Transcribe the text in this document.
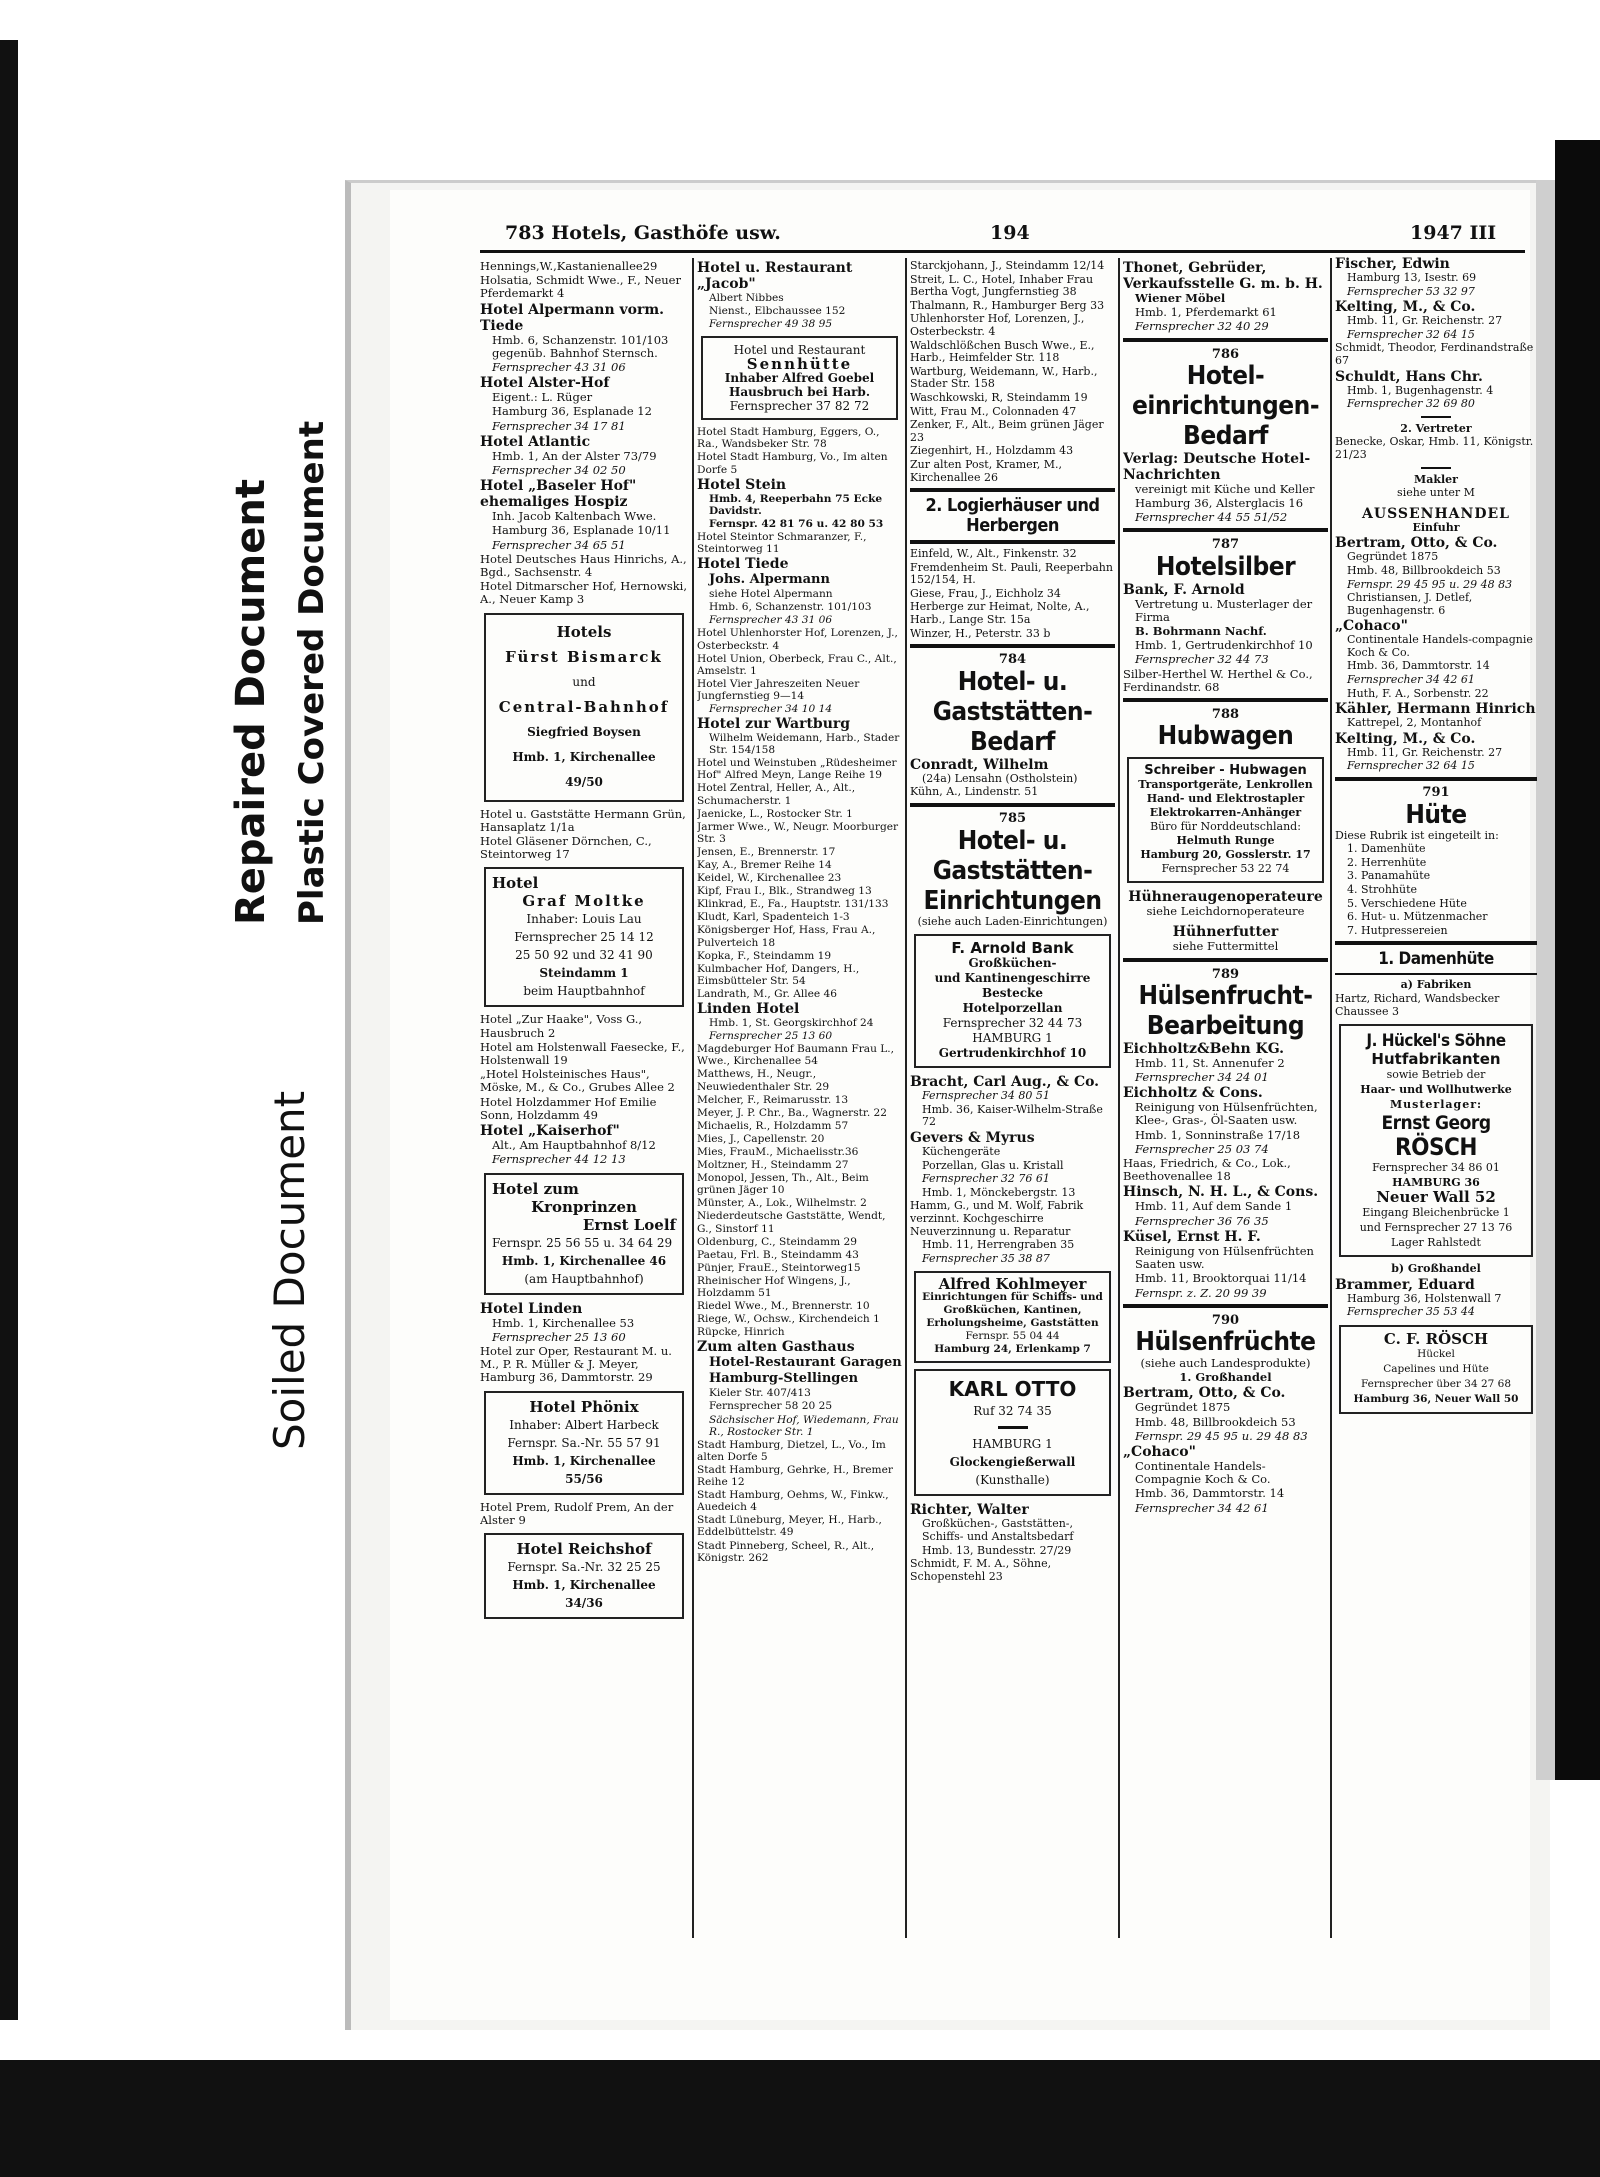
Repaired Document Plastic Covered Document
Soiled Document
783 Hotels, Gasthöfe usw.	194	1947 III
Hennings,W.,Kastanienallee29
Holsatia, Schmidt Wwe., F., Neuer Pferdemarkt 4
Hotel Alpermann vorm. Tiede
Hmb. 6, Schanzenstr. 101/103 gegenüb. Bahnhof Sternsch.
Fernsprecher 43 31 06
Hotel Alster-Hof
Eigent.: L. Rüger
Hamburg 36, Esplanade 12
Fernsprecher 34 17 81
Hotel Atlantic
Hmb. 1, An der Alster 73/79
Fernsprecher 34 02 50
Hotel „Baseler Hof" ehemaliges Hospiz
Inh. Jacob Kaltenbach Wwe.
Hamburg 36, Esplanade 10/11
Fernsprecher 34 65 51
Hotel Deutsches Haus Hinrichs, A., Bgd., Sachsenstr. 4
Hotel Ditmarscher Hof, Hernowski, A., Neuer Kamp 3
Hotels
Fürst Bismarck
und
Central-Bahnhof
Siegfried Boysen
Hmb. 1, Kirchenallee 49/50
Hotel u. Gaststätte Hermann Grün, Hansaplatz 1/1a
Hotel Gläsener Dörnchen, C., Steintorweg 17
Hotel
Graf Moltke
Inhaber: Louis Lau
Fernsprecher 25 14 12
25 50 92 und 32 41 90
Steindamm 1
beim Hauptbahnhof
Hotel „Zur Haake", Voss G., Hausbruch 2
Hotel am Holstenwall Faesecke, F., Holstenwall 19
„Hotel Holsteinisches Haus", Möske, M., & Co., Grubes Allee 2
Hotel Holzdammer Hof Emilie Sonn, Holzdamm 49
Hotel „Kaiserhof"
Alt., Am Hauptbahnhof 8/12
Fernsprecher 44 12 13
Hotel zum
Kronprinzen
Ernst Loelf
Fernspr. 25 56 55 u. 34 64 29
Hmb. 1, Kirchenallee 46
(am Hauptbahnhof)
Hotel Linden
Hmb. 1, Kirchenallee 53
Fernsprecher 25 13 60
Hotel zur Oper, Restaurant M. u. M., P. R. Müller & J. Meyer, Hamburg 36, Dammtorstr. 29
Hotel Phönix
Inhaber: Albert Harbeck
Fernspr. Sa.-Nr. 55 57 91
Hmb. 1, Kirchenallee 55/56
Hotel Prem, Rudolf Prem, An der Alster 9
Hotel Reichshof
Fernspr. Sa.-Nr. 32 25 25
Hmb. 1, Kirchenallee 34/36
Hotel u. Restaurant „Jacob"
Albert Nibbes
Nienst., Elbchaussee 152
Fernsprecher 49 38 95
Hotel und Restaurant
Sennhütte
Inhaber Alfred Goebel
Hausbruch bei Harb.
Fernsprecher 37 82 72
Hotel Stadt Hamburg, Eggers, O., Ra., Wandsbeker Str. 78
Hotel Stadt Hamburg, Vo., Im alten Dorfe 5
Hotel Stein
Hmb. 4, Reeperbahn 75 Ecke Davidstr.
Fernspr. 42 81 76 u. 42 80 53
Hotel Steintor Schmaranzer, F., Steintorweg 11
Hotel Tiede
Johs. Alpermann
siehe Hotel Alpermann
Hmb. 6, Schanzenstr. 101/103
Fernsprecher 43 31 06
Hotel Uhlenhorster Hof, Lorenzen, J., Osterbeckstr. 4
Hotel Union, Oberbeck, Frau C., Alt., Amselstr. 1
Hotel Vier Jahreszeiten Neuer Jungfernstieg 9—14
Fernsprecher 34 10 14
Hotel zur Wartburg
Wilhelm Weidemann, Harb., Stader Str. 154/158
Hotel und Weinstuben „Rüdesheimer Hof" Alfred Meyn, Lange Reihe 19
Hotel Zentral, Heller, A., Alt., Schumacherstr. 1
Jaenicke, L., Rostocker Str. 1
Jarmer Wwe., W., Neugr. Moorburger Str. 3
Jensen, E., Brennerstr. 17
Kay, A., Bremer Reihe 14
Keidel, W., Kirchenallee 23
Kipf, Frau I., Blk., Strandweg 13
Klinkrad, E., Fa., Hauptstr. 131/133
Kludt, Karl, Spadenteich 1-3
Königsberger Hof, Hass, Frau A., Pulverteich 18
Kopka, F., Steindamm 19
Kulmbacher Hof, Dangers, H., Eimsbütteler Str. 54
Landrath, M., Gr. Allee 46
Linden Hotel
Hmb. 1, St. Georgskirchhof 24
Fernsprecher 25 13 60
Magdeburger Hof Baumann Frau L., Wwe., Kirchenallee 54
Matthews, H., Neugr., Neuwiedenthaler Str. 29
Melcher, F., Reimarusstr. 13
Meyer, J. P. Chr., Ba., Wagnerstr. 22
Michaelis, R., Holzdamm 57
Mies, J., Capellenstr. 20
Mies, FrauM., Michaelisstr.36
Moltzner, H., Steindamm 27
Monopol, Jessen, Th., Alt., Beim grünen Jäger 10
Münster, A., Lok., Wilhelmstr. 2
Niederdeutsche Gaststätte, Wendt, G., Sinstorf 11
Oldenburg, C., Steindamm 29
Paetau, Frl. B., Steindamm 43
Pünjer, FrauE., Steintorweg15
Rheinischer Hof Wingens, J., Holzdamm 51
Riedel Wwe., M., Brennerstr. 10
Riege, W., Ochsw., Kirchendeich 1
Rüpcke, Hinrich
Zum alten Gasthaus
Hotel-Restaurant Garagen Hamburg-Stellingen
Kieler Str. 407/413
Fernsprecher 58 20 25
Sächsischer Hof, Wiedemann, Frau R., Rostocker Str. 1
Stadt Hamburg, Dietzel, L., Vo., Im alten Dorfe 5
Stadt Hamburg, Gehrke, H., Bremer Reihe 12
Stadt Hamburg, Oehms, W., Finkw., Auedeich 4
Stadt Lüneburg, Meyer, H., Harb., Eddelbüttelstr. 49
Stadt Pinneberg, Scheel, R., Alt., Königstr. 262
Starckjohann, J., Steindamm 12/14
Streit, L. C., Hotel, Inhaber Frau Bertha Vogt, Jungfernstieg 38
Thalmann, R., Hamburger Berg 33
Uhlenhorster Hof, Lorenzen, J., Osterbeckstr. 4
Waldschlößchen Busch Wwe., E., Harb., Heimfelder Str. 118
Wartburg, Weidemann, W., Harb., Stader Str. 158
Waschkowski, R, Steindamm 19
Witt, Frau M., Colonnaden 47
Zenker, F., Alt., Beim grünen Jäger 23
Ziegenhirt, H., Holzdamm 43
Zur alten Post, Kramer, M., Kirchenallee 26
2. Logierhäuser und Herbergen
Einfeld, W., Alt., Finkenstr. 32
Fremdenheim St. Pauli, Reeperbahn 152/154, H.
Giese, Frau, J., Eichholz 34
Herberge zur Heimat, Nolte, A., Harb., Lange Str. 15a
Winzer, H., Peterstr. 33 b
784
Hotel- u. Gaststätten-Bedarf
Conradt, Wilhelm
(24a) Lensahn (Ostholstein)
Kühn, A., Lindenstr. 51
785
Hotel- u. Gaststätten-Einrichtungen
(siehe auch Laden-Einrichtungen)
F. Arnold Bank
Großküchen-
und Kantinengeschirre
Bestecke
Hotelporzellan
Fernsprecher 32 44 73
HAMBURG 1
Gertrudenkirchhof 10
Bracht, Carl Aug., & Co.
Fernsprecher 34 80 51
Hmb. 36, Kaiser-Wilhelm-Straße 72
Gevers & Myrus
Küchengeräte
Porzellan, Glas u. Kristall
Fernsprecher 32 76 61
Hmb. 1, Mönckebergstr. 13
Hamm, G., und M. Wolf, Fabrik verzinnt. Kochgeschirre Neuverzinnung u. Reparatur
Hmb. 11, Herrengraben 35
Fernsprecher 35 38 87
Alfred Kohlmeyer
Einrichtungen für Schiffs- und Großküchen, Kantinen, Erholungsheime, Gaststätten
Fernspr. 55 04 44
Hamburg 24, Erlenkamp 7
KARL OTTO
Ruf 32 74 35
HAMBURG 1
Glockengießerwall
(Kunsthalle)
Richter, Walter
Großküchen-, Gaststätten-, Schiffs- und Anstaltsbedarf
Hmb. 13, Bundesstr. 27/29
Schmidt, F. M. A., Söhne, Schopenstehl 23
Thonet, Gebrüder, Verkaufsstelle G. m. b. H.
Wiener Möbel
Hmb. 1, Pferdemarkt 61
Fernsprecher 32 40 29
786
Hotel-einrichtungen-Bedarf
Verlag: Deutsche Hotel-Nachrichten
vereinigt mit Küche und Keller
Hamburg 36, Alsterglacis 16
Fernsprecher 44 55 51/52
787
Hotelsilber
Bank, F. Arnold
Vertretung u. Musterlager der Firma
B. Bohrmann Nachf.
Hmb. 1, Gertrudenkirchhof 10
Fernsprecher 32 44 73
Silber-Herthel W. Herthel & Co., Ferdinandstr. 68
788
Hubwagen
Schreiber - Hubwagen
Transportgeräte, Lenkrollen Hand- und Elektrostapler Elektrokarren-Anhänger
Büro für Norddeutschland:
Helmuth Runge
Hamburg 20, Gosslerstr. 17
Fernsprecher 53 22 74
Hühneraugenoperateure
siehe Leichdornoperateure
Hühnerfutter
siehe Futtermittel
789
Hülsenfrucht-Bearbeitung
Eichholtz&Behn KG.
Hmb. 11, St. Annenufer 2
Fernsprecher 34 24 01
Eichholtz & Cons.
Reinigung von Hülsenfrüchten, Klee-, Gras-, Öl-Saaten usw.
Hmb. 1, Sonninstraße 17/18
Fernsprecher 25 03 74
Haas, Friedrich, & Co., Lok., Beethovenallee 18
Hinsch, N. H. L., & Cons.
Hmb. 11, Auf dem Sande 1
Fernsprecher 36 76 35
Küsel, Ernst H. F.
Reinigung von Hülsenfrüchten Saaten usw.
Hmb. 11, Brooktorquai 11/14
Fernspr. z. Z. 20 99 39
790
Hülsenfrüchte
(siehe auch Landesprodukte)
1. Großhandel
Bertram, Otto, & Co.
Gegründet 1875
Hmb. 48, Billbrookdeich 53
Fernspr. 29 45 95 u. 29 48 83
„Cohaco"
Continentale Handels-Compagnie Koch & Co.
Hmb. 36, Dammtorstr. 14
Fernsprecher 34 42 61
Fischer, Edwin
Hamburg 13, Isestr. 69
Fernsprecher 53 32 97
Kelting, M., & Co.
Hmb. 11, Gr. Reichenstr. 27
Fernsprecher 32 64 15
Schmidt, Theodor, Ferdinandstraße 67
Schuldt, Hans Chr.
Hmb. 1, Bugenhagenstr. 4
Fernsprecher 32 69 80
2. Vertreter
Benecke, Oskar, Hmb. 11, Königstr. 21/23
Makler
siehe unter M
AUSSENHANDEL
Einfuhr
Bertram, Otto, & Co.
Gegründet 1875
Hmb. 48, Billbrookdeich 53
Fernspr. 29 45 95 u. 29 48 83
Christiansen, J. Detlef, Bugenhagenstr. 6
„Cohaco"
Continentale Handels-compagnie Koch & Co.
Hmb. 36, Dammtorstr. 14
Fernsprecher 34 42 61
Huth, F. A., Sorbenstr. 22
Kähler, Hermann Hinrich
Kattrepel, 2, Montanhof
Kelting, M., & Co.
Hmb. 11, Gr. Reichenstr. 27
Fernsprecher 32 64 15
791
Hüte
Diese Rubrik ist eingeteilt in:
1. Damenhüte
2. Herrenhüte
3. Panamahüte
4. Strohhüte
5. Verschiedene Hüte
6. Hut- u. Mützenmacher
7. Hutpressereien
1. Damenhüte
a) Fabriken
Hartz, Richard, Wandsbecker Chaussee 3
J. Hückel's Söhne
Hutfabrikanten
sowie Betrieb der
Haar- und Wollhutwerke
Musterlager:
Ernst Georg
RÖSCH
Fernsprecher 34 86 01
HAMBURG 36
Neuer Wall 52
Eingang Bleichenbrücke 1
und Fernsprecher 27 13 76
Lager Rahlstedt
b) Großhandel
Brammer, Eduard
Hamburg 36, Holstenwall 7
Fernsprecher 35 53 44
C. F. RÖSCH
Hückel
Capelines und Hüte
Fernsprecher über 34 27 68
Hamburg 36, Neuer Wall 50
